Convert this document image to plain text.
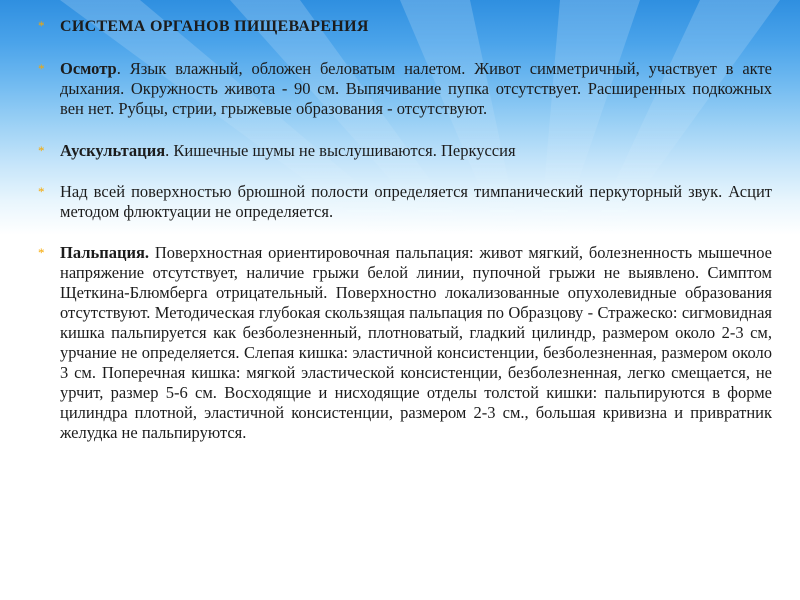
* СИСТЕМА ОРГАНОВ ПИЩЕВАРЕНИЯ
* Осмотр. Язык влажный, обложен беловатым налетом. Живот симметричный, участвует в акте дыхания. Окружность живота - 90 см. Выпячивание пупка отсутствует. Расширенных подкожных вен нет. Рубцы, стрии, грыжевые образования - отсутствуют.
* Аускультация. Кишечные шумы не выслушиваются. Перкуссия
* Над всей поверхностью брюшной полости определяется тимпанический перкуторный звук. Асцит методом флюктуации не определяется.
* Пальпация. Поверхностная ориентировочная пальпация: живот мягкий, болезненность мышечное напряжение отсутствует, наличие грыжи белой линии, пупочной грыжи не выявлено. Симптом Щеткина-Блюмберга отрицательный. Поверхностно локализованные опухолевидные образования отсутствуют. Методическая глубокая скользящая пальпация по Образцову - Стражеско: сигмовидная кишка пальпируется как безболезненный, плотноватый, гладкий цилиндр, размером около 2-3 см, урчание не определяется. Слепая кишка: эластичной консистенции, безболезненная, размером около 3 см. Поперечная кишка: мягкой эластической консистенции, безболезненная, легко смещается, не урчит, размер 5-6 см. Восходящие и нисходящие отделы толстой кишки: пальпируются в форме цилиндра плотной, эластичной консистенции, размером 2-3 см., большая кривизна и привратник желудка не пальпируются.
